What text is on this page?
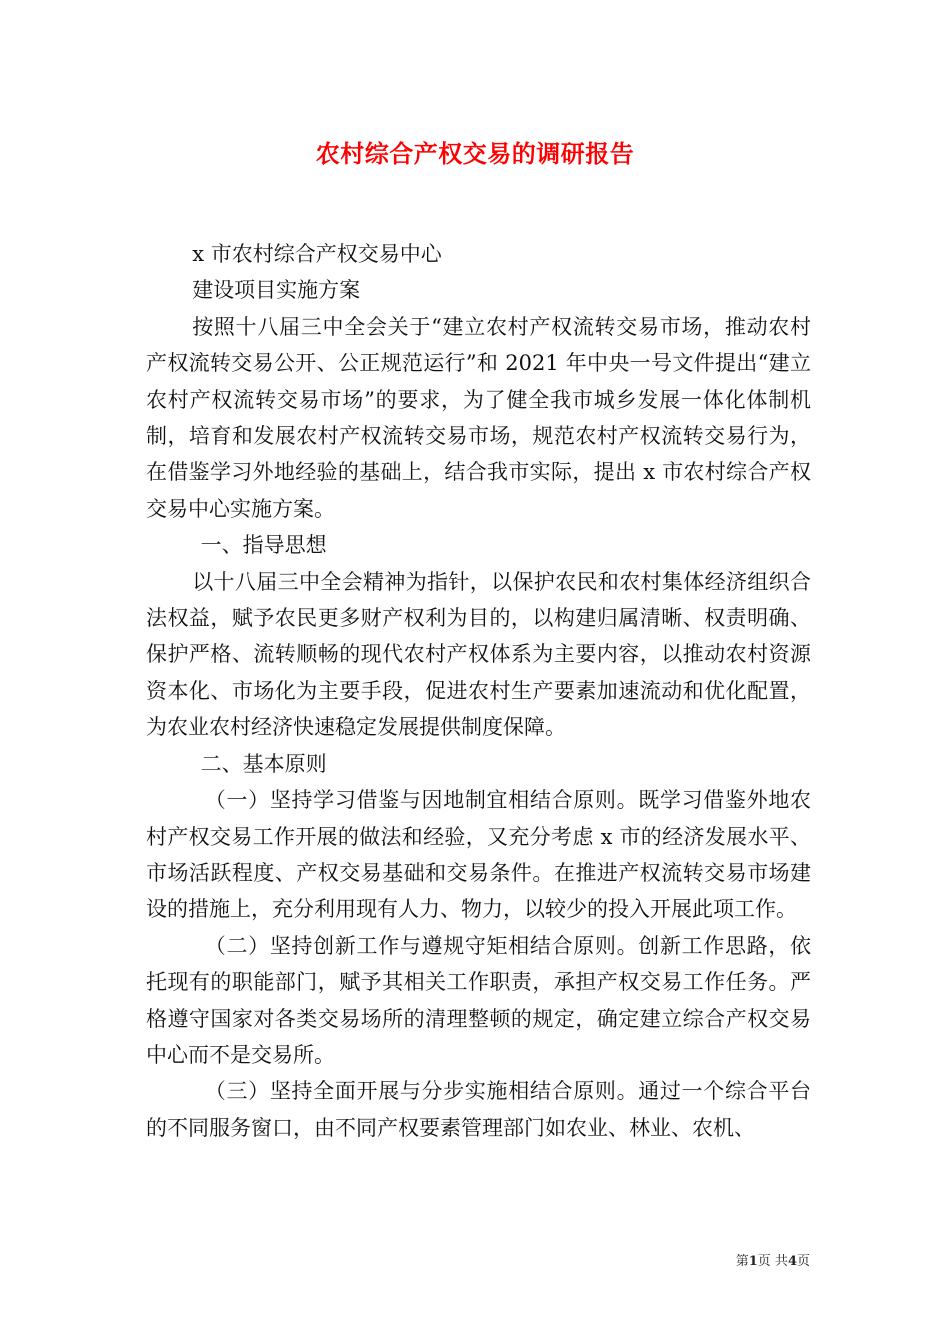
农村综合产权交易的调研报告

x 市农村综合产权交易中心

建设项目实施方案

按照十八届三中全会关于“建立农村产权流转交易市场，推动农村产权流转交易公开、公正规范运行”和 2021 年中央一号文件提出“建立农村产权流转交易市场”的要求，为了健全我市城乡发展一体化体制机制，培育和发展农村产权流转交易市场，规范农村产权流转交易行为，在借鉴学习外地经验的基础上，结合我市实际，提出 x 市农村综合产权交易中心实施方案。

一、指导思想

以十八届三中全会精神为指针，以保护农民和农村集体经济组织合法权益，赋予农民更多财产权利为目的，以构建归属清晰、权责明确、保护严格、流转顺畅的现代农村产权体系为主要内容，以推动农村资源资本化、市场化为主要手段，促进农村生产要素加速流动和优化配置，为农业农村经济快速稳定发展提供制度保障。

二、基本原则

（一）坚持学习借鉴与因地制宜相结合原则。既学习借鉴外地农村产权交易工作开展的做法和经验，又充分考虑 x 市的经济发展水平、市场活跃程度、产权交易基础和交易条件。在推进产权流转交易市场建设的措施上，充分利用现有人力、物力，以较少的投入开展此项工作。

（二）坚持创新工作与遵规守矩相结合原则。创新工作思路，依托现有的职能部门，赋予其相关工作职责，承担产权交易工作任务。严格遵守国家对各类交易场所的清理整顿的规定，确定建立综合产权交易中心而不是交易所。

（三）坚持全面开展与分步实施相结合原则。通过一个综合平台的不同服务窗口，由不同产权要素管理部门如农业、林业、农机、

第1页 共4页
